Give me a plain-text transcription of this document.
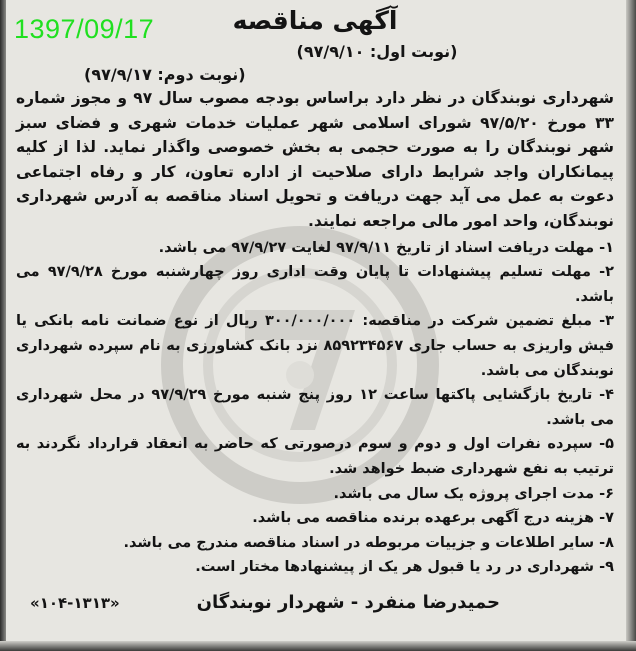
1397/09/17	آگهی مناقصه
(نوبت اول: ۹۷/۹/۱۰)
(نوبت دوم: ۹۷/۹/۱۷)

شهرداری نوبندگان در نظر دارد براساس بودجه مصوب سال ۹۷ و مجوز شماره ۳۳ مورخ ۹۷/۵/۲۰ شورای اسلامی شهر عملیات خدمات شهری و فضای سبز شهر نوبندگان را به صورت حجمی به بخش خصوصی واگذار نماید. لذا از کلیه پیمانکاران واجد شرایط دارای صلاحیت از اداره تعاون، کار و رفاه اجتماعی دعوت به عمل می آید جهت دریافت و تحویل اسناد مناقصه به آدرس شهرداری نوبندگان، واحد امور مالی مراجعه نمایند.

۱- مهلت دریافت اسناد از تاریخ ۹۷/۹/۱۱ لغایت ۹۷/۹/۲۷ می باشد.
۲- مهلت تسلیم پیشنهادات تا پایان وقت اداری روز چهارشنبه مورخ ۹۷/۹/۲۸ می باشد.
۳- مبلغ تضمین شرکت در مناقصه: ۳۰۰/۰۰۰/۰۰۰ ریال از نوع ضمانت نامه بانکی یا فیش واریزی به حساب جاری ۸۵۹۲۳۴۵۶۷ نزد بانک کشاورزی به نام سپرده شهرداری نوبندگان می باشد.
۴- تاریخ بازگشایی پاکتها ساعت ۱۲ روز پنج شنبه مورخ ۹۷/۹/۲۹ در محل شهرداری می باشد.
۵- سپرده نفرات اول و دوم و سوم درصورتی که حاضر به انعقاد قرارداد نگردند به ترتیب به نفع شهرداری ضبط خواهد شد.
۶- مدت اجرای پروژه یک سال می باشد.
۷- هزینه درج آگهی برعهده برنده مناقصه می باشد.
۸- سایر اطلاعات و جزییات مربوطه در اسناد مناقصه مندرج می باشد.
۹- شهرداری در رد یا قبول هر یک از پیشنهادها مختار است.
«۱۰۴-۱۳۱۳»	حمیدرضا منفرد - شهردار نوبندگان
